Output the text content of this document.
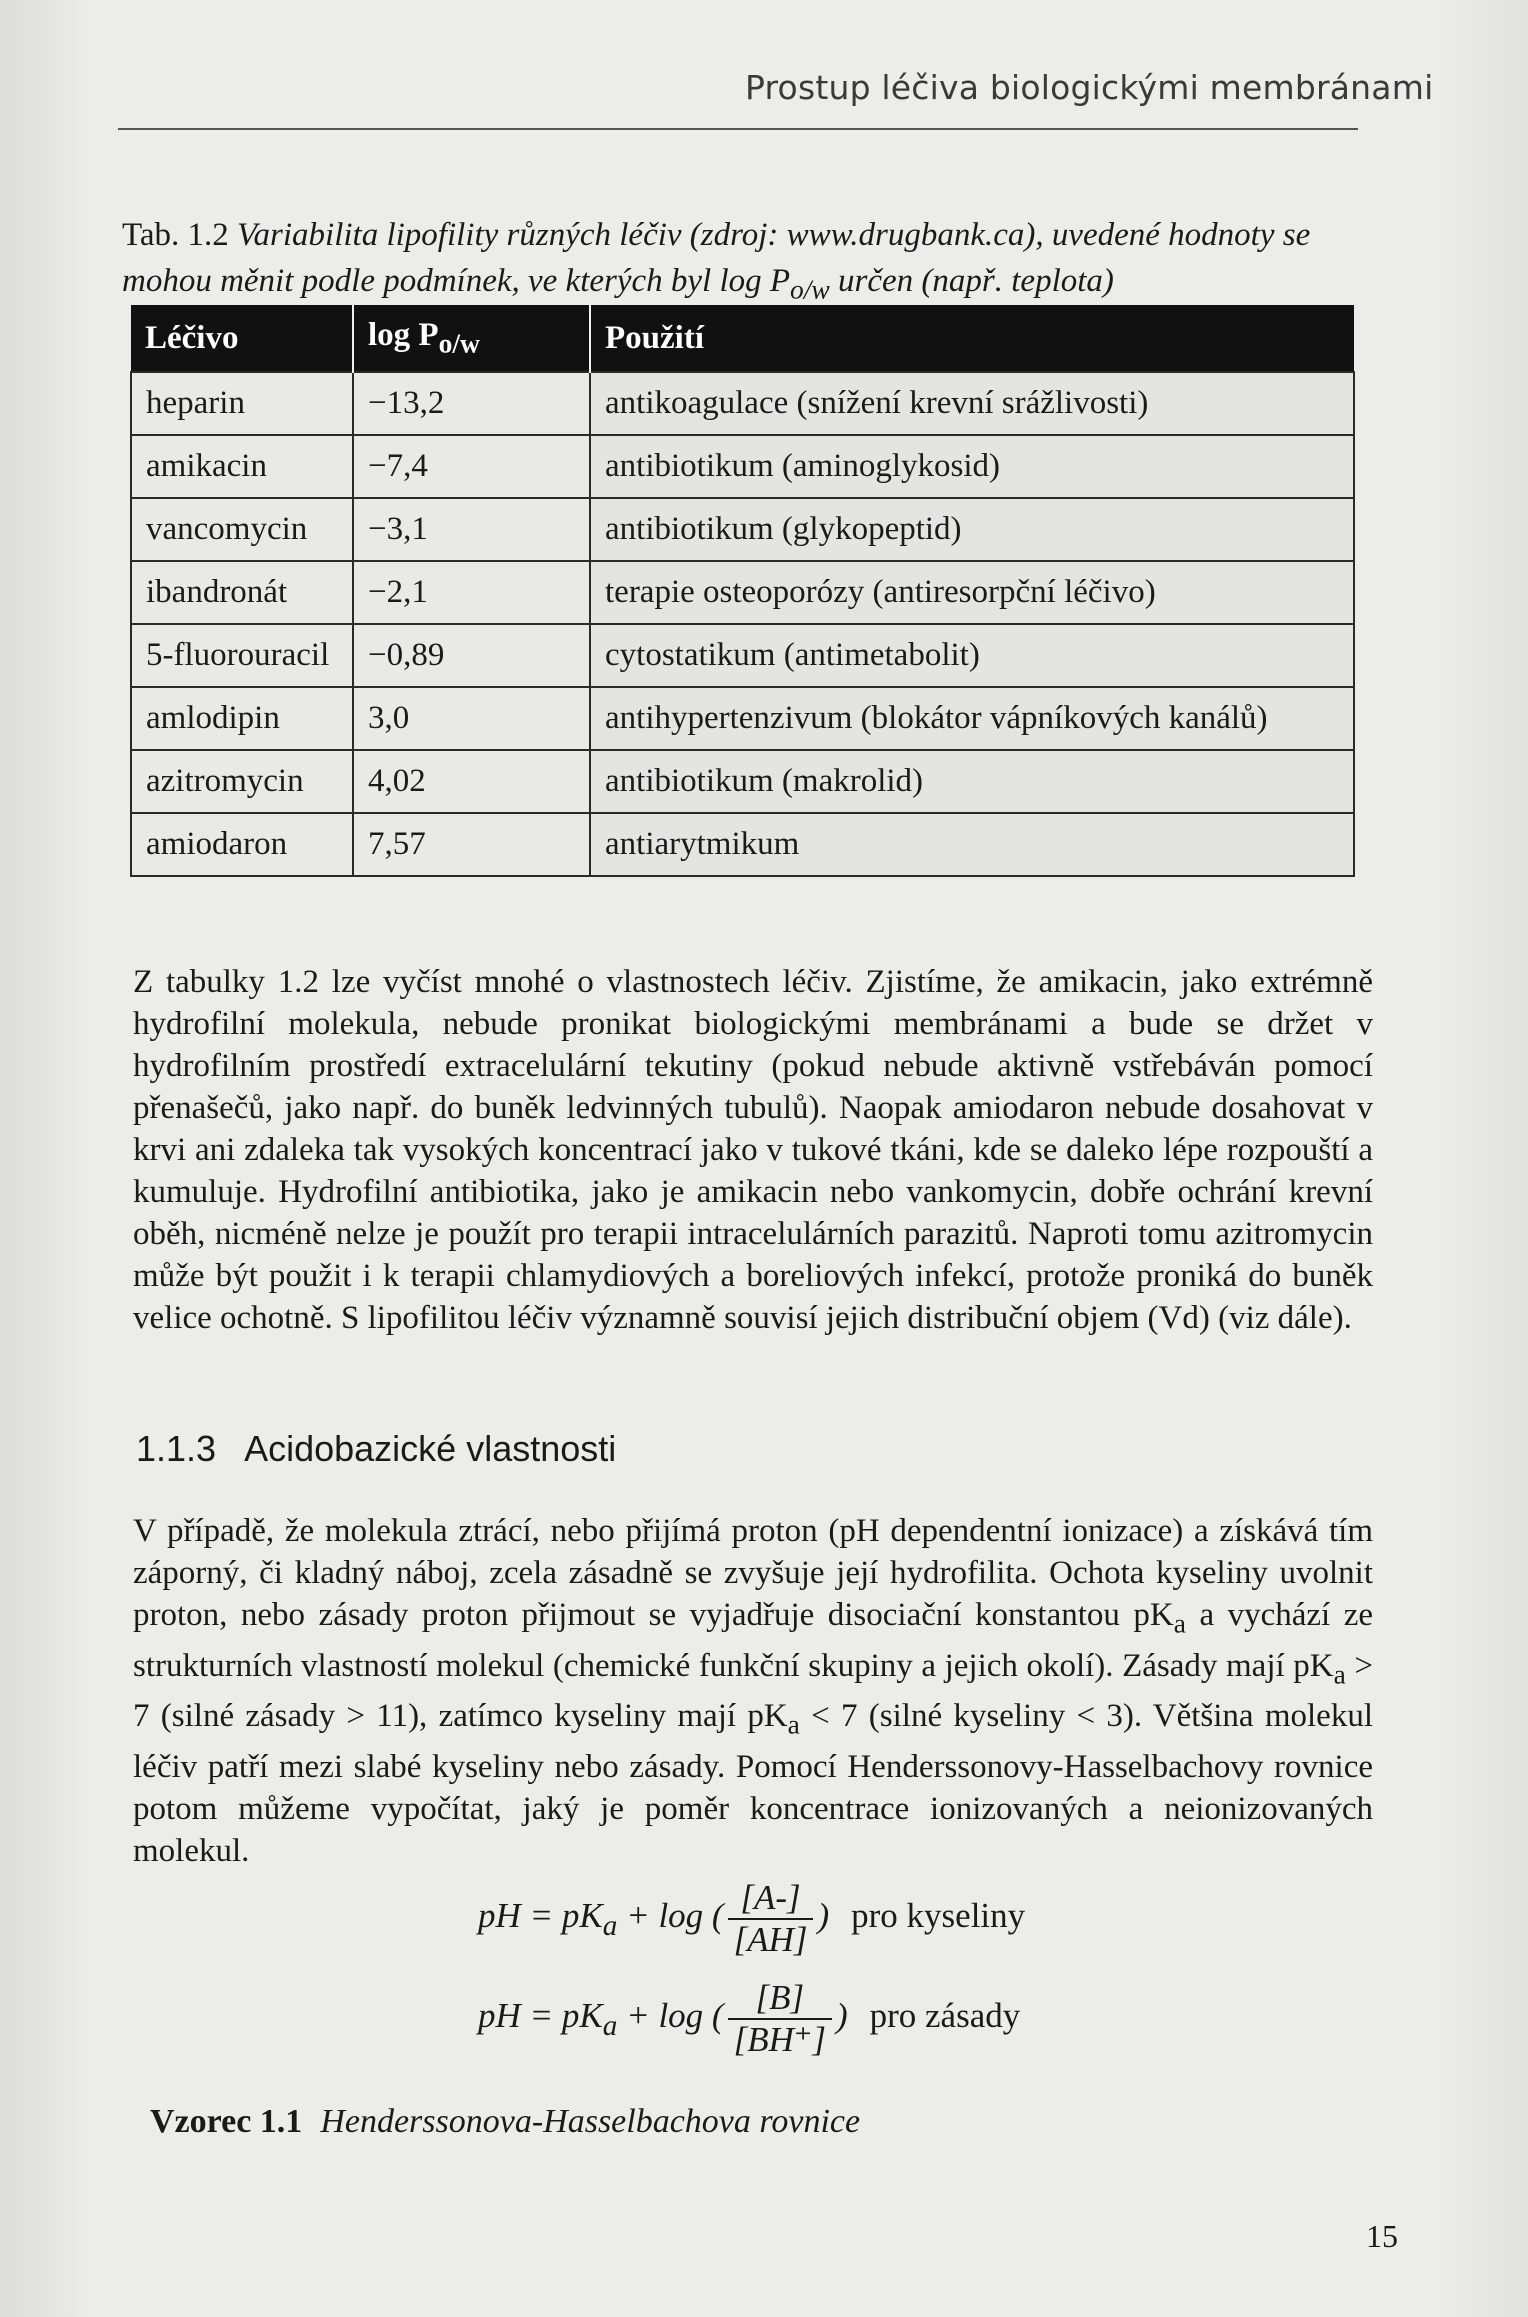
Prostup léčiva biologickými membránami
Tab. 1.2 Variabilita lipofility různých léčiv (zdroj: www.drugbank.ca), uvedené hodnoty se mohou měnit podle podmínek, ve kterých byl $\log P_{o/w}$ určen (např. teplota)
Léčivo	$\log P_{o/w}$	Použití
heparin	−13,2	antikoagulace (snížení krevní srážlivosti)
amikacin	−7,4	antibiotikum (aminoglykosid)
vancomycin	−3,1	antibiotikum (glykopeptid)
ibandronát	−2,1	terapie osteoporózy (antiresorpční léčivo)
5-fluorouracil	−0,89	cytostatikum (antimetabolit)
amlodipin	3,0	antihypertenzivum (blokátor vápníkových kanálů)
azitromycin	4,02	antibiotikum (makrolid)
amiodaron	7,57	antiarytmikum
Z tabulky 1.2 lze vyčíst mnohé o vlastnostech léčiv. Zjistíme, že amikacin, jako extrémně hydrofilní molekula, nebude pronikat biologickými membránami a bude se držet v hydrofilním prostředí extracelulární tekutiny (pokud nebude aktivně vstřebáván pomocí přenašečů, jako např. do buněk ledvinných tubulů). Naopak amiodaron nebude dosahovat v krvi ani zdaleka tak vysokých koncentrací jako v tukové tkáni, kde se daleko lépe rozpouští a kumuluje. Hydrofilní antibiotika, jako je amikacin nebo vankomycin, dobře ochrání krevní oběh, nicméně nelze je použít pro terapii intracelulárních parazitů. Naproti tomu azitromycin může být použit i k terapii chlamydiových a boreliových infekcí, protože proniká do buněk velice ochotně. S lipofilitou léčiv významně souvisí jejich distribuční objem (Vd) (viz dále).
1.1.3 Acidobazické vlastnosti
V případě, že molekula ztrácí, nebo přijímá proton (pH dependentní ionizace) a získává tím záporný, či kladný náboj, zcela zásadně se zvyšuje její hydrofilita. Ochota kyseliny uvolnit proton, nebo zásady proton přijmout se vyjadřuje disociační konstantou $pK_a$ a vychází ze strukturních vlastností molekul (chemické funkční skupiny a jejich okolí). Zásady mají $pK_a > 7$ (silné zásady > 11), zatímco kyseliny mají $pK_a < 7$ (silné kyseliny < 3). Většina molekul léčiv patří mezi slabé kyseliny nebo zásady. Pomocí Henderssonovy-Hasselbachovy rovnice potom můžeme vypočítat, jaký je poměr koncentrace ionizovaných a neionizovaných molekul.
pH = $pK_a + \log$ ( $\frac{[A-]}{[AH]}$ ) pro kyseliny
pH = $pK_a + \log$ ( $\frac{[B]}{[BH^+]}$ ) pro zásady
Vzorec 1.1 Henderssonova-Hasselbachova rovnice
15
